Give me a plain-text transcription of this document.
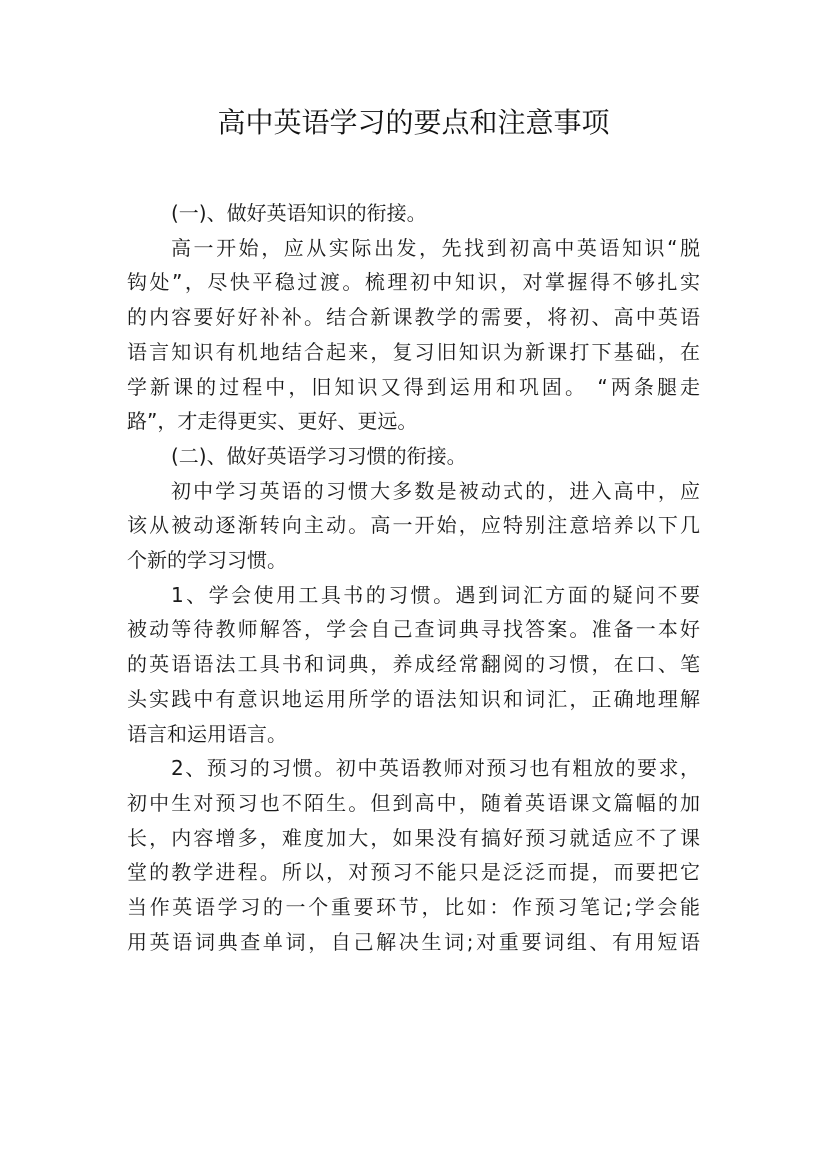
高中英语学习的要点和注意事项
(一)、做好英语知识的衔接。
高一开始，应从实际出发，先找到初高中英语知识“脱
钩处”，尽快平稳过渡。梳理初中知识，对掌握得不够扎实
的内容要好好补补。结合新课教学的需要，将初、高中英语
语言知识有机地结合起来，复习旧知识为新课打下基础，在
学新课的过程中，旧知识又得到运用和巩固。 “两条腿走
路”，才走得更实、更好、更远。
(二)、做好英语学习习惯的衔接。
初中学习英语的习惯大多数是被动式的，进入高中，应
该从被动逐渐转向主动。高一开始，应特别注意培养以下几
个新的学习习惯。
1、学会使用工具书的习惯。遇到词汇方面的疑问不要
被动等待教师解答，学会自己查词典寻找答案。准备一本好
的英语语法工具书和词典，养成经常翻阅的习惯，在口、笔
头实践中有意识地运用所学的语法知识和词汇，正确地理解
语言和运用语言。
2、预习的习惯。初中英语教师对预习也有粗放的要求，
初中生对预习也不陌生。但到高中，随着英语课文篇幅的加
长，内容增多，难度加大，如果没有搞好预习就适应不了课
堂的教学进程。所以，对预习不能只是泛泛而提，而要把它
当作英语学习的一个重要环节，比如：作预习笔记;学会能
用英语词典查单词，自己解决生词;对重要词组、有用短语
